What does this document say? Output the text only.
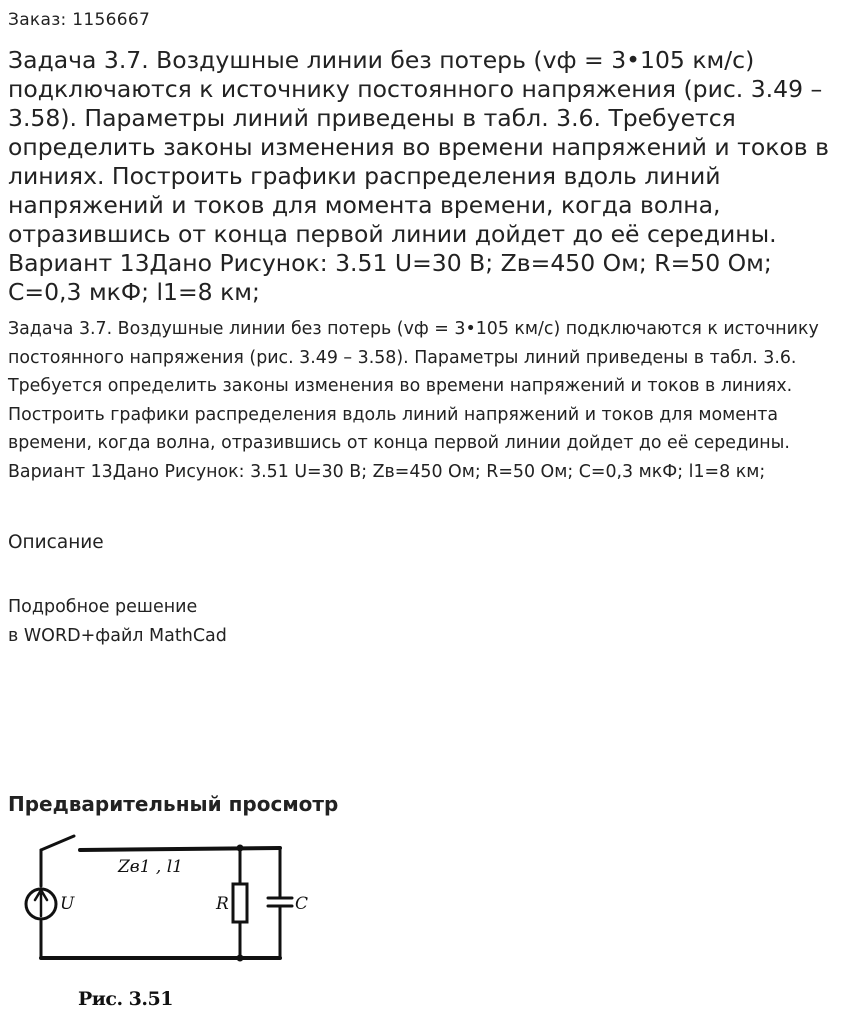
Заказ: 1156667
Задача 3.7. Воздушные линии без потерь (vф = 3•105 км/с) подключаются к источнику постоянного напряжения (рис. 3.49 – 3.58). Параметры линий приведены в табл. 3.6. Требуется определить законы изменения во времени напряжений и токов в линиях. Построить графики распределения вдоль линий напряжений и токов для момента времени, когда волна, отразившись от конца первой линии дойдет до её середины. Вариант 13Дано Рисунок: 3.51 U=30 В; Zв=450 Ом; R=50 Ом; С=0,3 мкФ; l1=8 км;
Задача 3.7. Воздушные линии без потерь (vф = 3•105 км/с) подключаются к источнику постоянного напряжения (рис. 3.49 – 3.58). Параметры линий приведены в табл. 3.6. Требуется определить законы изменения во времени напряжений и токов в линиях. Построить графики распределения вдоль линий напряжений и токов для момента времени, когда волна, отразившись от конца первой линии дойдет до её середины. Вариант 13Дано Рисунок: 3.51 U=30 В; Zв=450 Ом; R=50 Ом; С=0,3 мкФ; l1=8 км;
Описание
Подробное решение
в WORD+файл MathCad
Предварительный просмотр
Zв1 , l1
U	R	C
Рис. 3.51
